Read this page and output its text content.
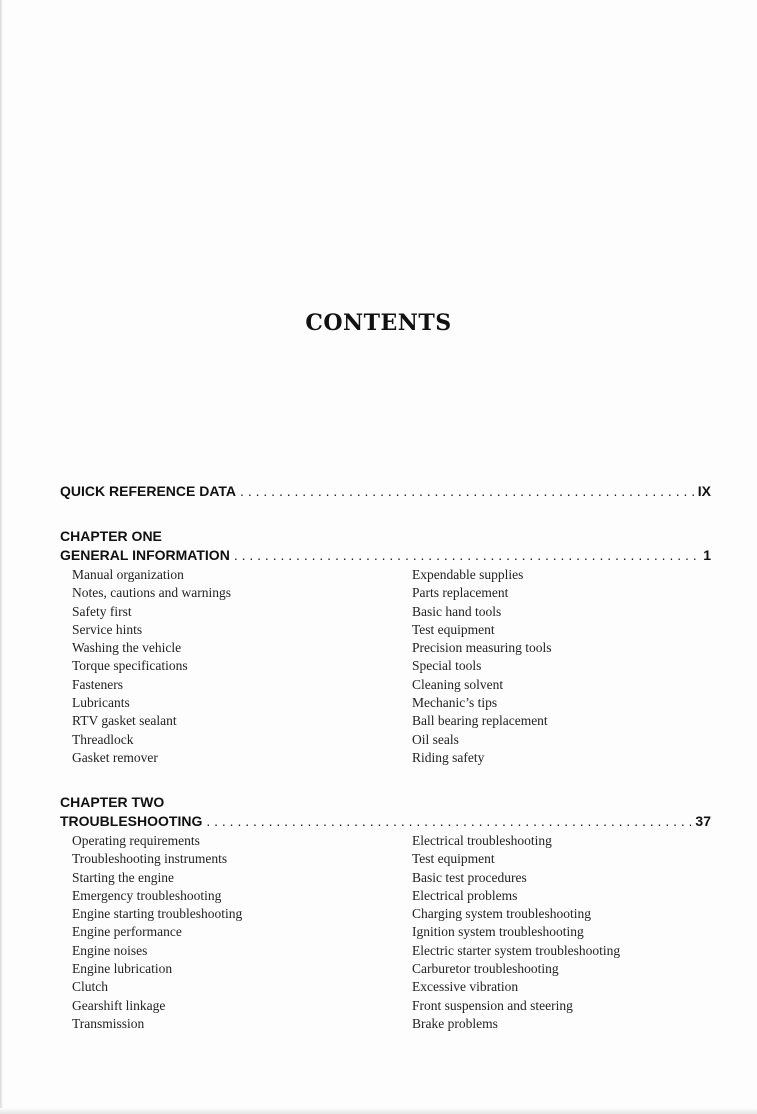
CONTENTS
QUICK REFERENCE DATA . . .	IX
CHAPTER ONE
GENERAL INFORMATION . . .	1
Manual organization
Notes, cautions and warnings
Safety first
Service hints
Washing the vehicle
Torque specifications
Fasteners
Lubricants
RTV gasket sealant
Threadlock
Gasket remover
Expendable supplies
Parts replacement
Basic hand tools
Test equipment
Precision measuring tools
Special tools
Cleaning solvent
Mechanic’s tips
Ball bearing replacement
Oil seals
Riding safety
CHAPTER TWO
TROUBLESHOOTING . . .	37
Operating requirements
Troubleshooting instruments
Starting the engine
Emergency troubleshooting
Engine starting troubleshooting
Engine performance
Engine noises
Engine lubrication
Clutch
Gearshift linkage
Transmission
Electrical troubleshooting
Test equipment
Basic test procedures
Electrical problems
Charging system troubleshooting
Ignition system troubleshooting
Electric starter system troubleshooting
Carburetor troubleshooting
Excessive vibration
Front suspension and steering
Brake problems
